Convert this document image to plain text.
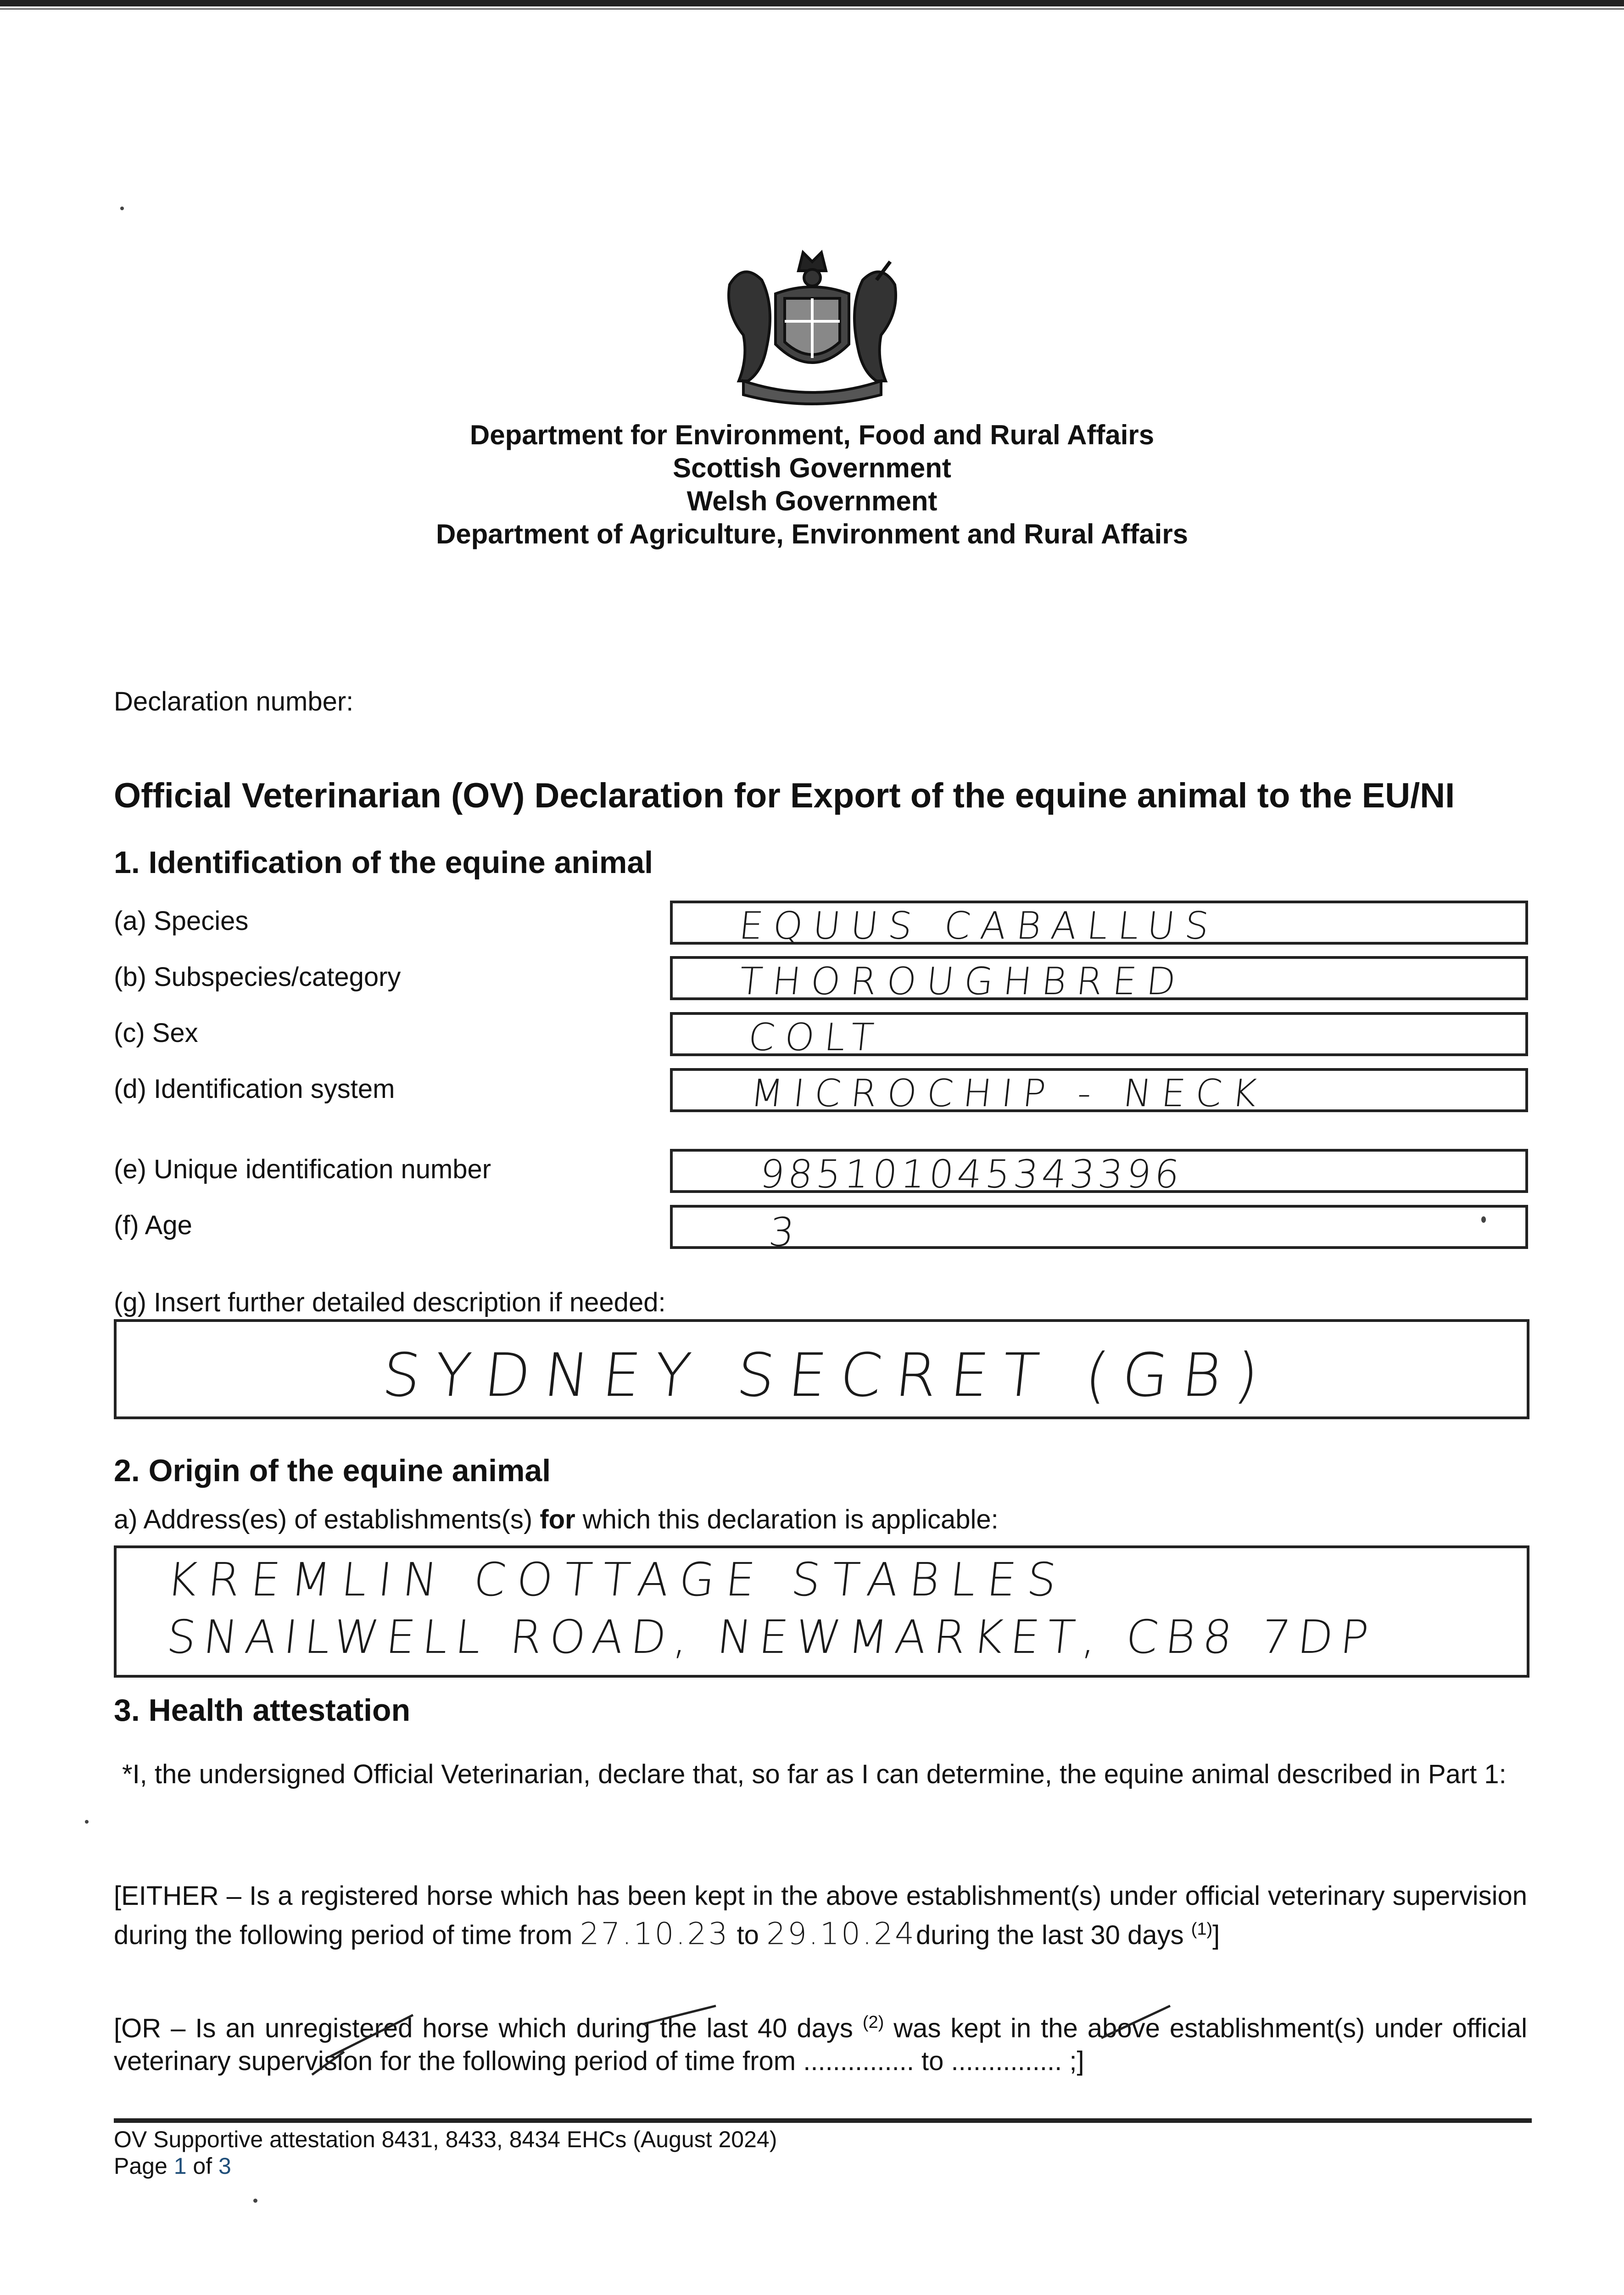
Department for Environment, Food and Rural Affairs
Scottish Government
Welsh Government
Department of Agriculture, Environment and Rural Affairs
Declaration number:
Official Veterinarian (OV) Declaration for Export of the equine animal to the EU/NI
1. Identification of the equine animal
(a) Species	EQUUS CABALLUS
(b) Subspecies/category	THOROUGHBRED
(c) Sex	COLT
(d) Identification system	MICROCHIP - NECK
(e) Unique identification number	985101045343396
(f) Age	3
(g) Insert further detailed description if needed:
SYDNEY SECRET (GB)
2. Origin of the equine animal
a) Address(es) of establishments(s) for which this declaration is applicable:
KREMLIN COTTAGE STABLES
SNAILWELL ROAD, NEWMARKET, CB8 7DP
3. Health attestation
*I, the undersigned Official Veterinarian, declare that, so far as I can determine, the equine animal described in Part 1:
[EITHER – Is a registered horse which has been kept in the above establishment(s) under official veterinary supervision during the following period of time from 27.10.23 to 29.10.24during the last 30 days $^{(1)}$]
[OR – Is an unregistered horse which during the last 40 days $^{(2)}$ was kept in the above establishment(s) under official veterinary supervision for the following period of time from ............... to ............... ;]
OV Supportive attestation 8431, 8433, 8434 EHCs (August 2024)
Page 1 of 3
